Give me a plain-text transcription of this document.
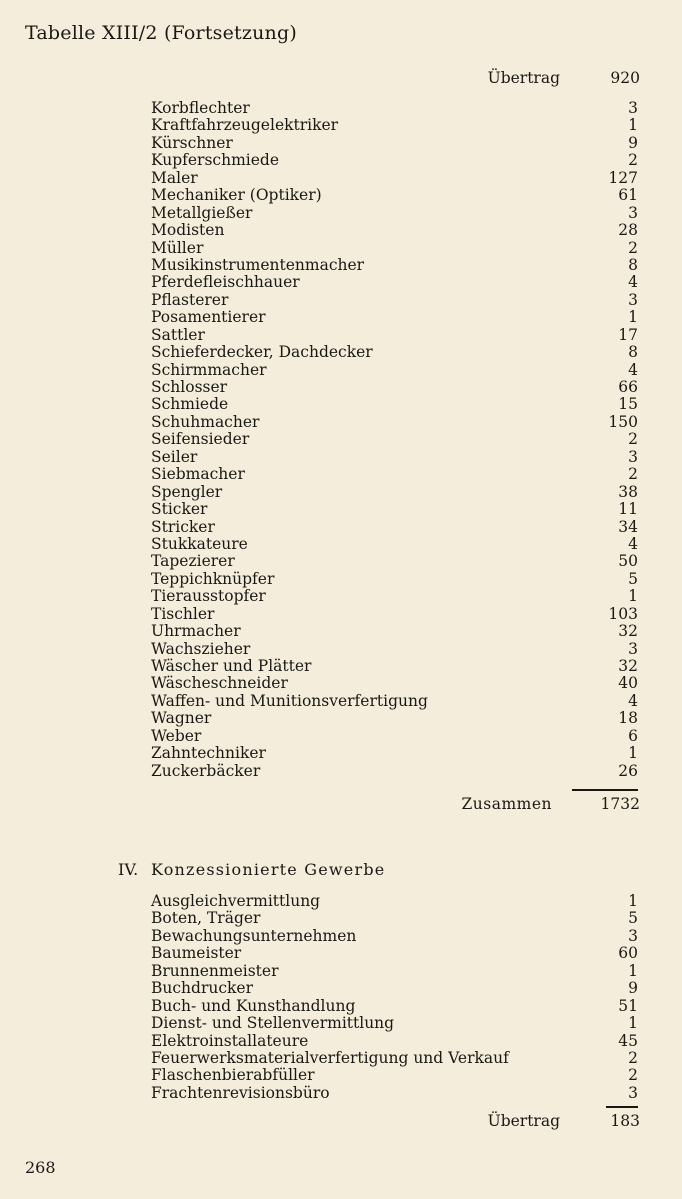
Tabelle XIII/2 (Fortsetzung)
Übertrag	920
Korbflechter	3
Kraftfahrzeugelektriker	1
Kürschner	9
Kupferschmiede	2
Maler	127
Mechaniker (Optiker)	61
Metallgießer	3
Modisten	28
Müller	2
Musikinstrumentenmacher	8
Pferdefleischhauer	4
Pflasterer	3
Posamentierer	1
Sattler	17
Schieferdecker, Dachdecker	8
Schirmmacher	4
Schlosser	66
Schmiede	15
Schuhmacher	150
Seifensieder	2
Seiler	3
Siebmacher	2
Spengler	38
Sticker	11
Stricker	34
Stukkateure	4
Tapezierer	50
Teppichknüpfer	5
Tierausstopfer	1
Tischler	103
Uhrmacher	32
Wachszieher	3
Wäscher und Plätter	32
Wäscheschneider	40
Waffen- und Munitionsverfertigung	4
Wagner	18
Weber	6
Zahntechniker	1
Zuckerbäcker	26
Zusammen	1732
IV. Konzessionierte Gewerbe
Ausgleichvermittlung	1
Boten, Träger	5
Bewachungsunternehmen	3
Baumeister	60
Brunnenmeister	1
Buchdrucker	9
Buch- und Kunsthandlung	51
Dienst- und Stellenvermittlung	1
Elektroinstallateure	45
Feuerwerksmaterialverfertigung und Verkauf	2
Flaschenbierabfüller	2
Frachtenrevisionsbüro	3
Übertrag	183
268
